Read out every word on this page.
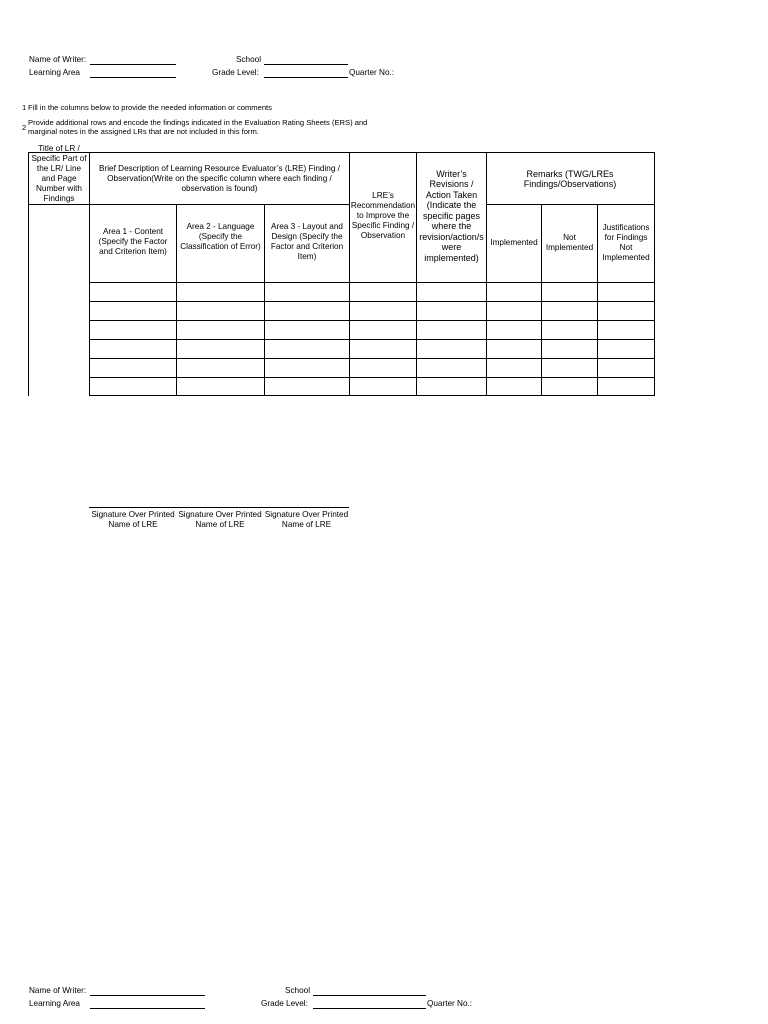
Name of Writer:
Learning Area
School
Grade Level:	Quarter No.:
1 Fill in the columns below to provide the needed information or comments
2
Provide additional rows and encode the findings indicated in the Evaluation Rating Sheets (ERS) and
marginal notes in the assigned LRs that are not included in this form.
Title of LR / Specific Part of the LR/ Line and Page Number with Findings
Brief Description of Learning Resource Evaluator’s (LRE) Finding / Observation(Write on the specific column where each finding / observation is found)
Area 1 - Content (Specify the Factor and Criterion Item)
Area 2 - Language (Specify the Classification of Error)
Area 3 - Layout and Design (Specify the Factor and Criterion Item)
LRE’s Recommendation to Improve the Specific Finding / Observation
Writer’s Revisions / Action Taken (Indicate the specific pages where the revision/action/s were implemented)
Remarks (TWG/LREs Findings/Observations)
Implemented
Not Implemented
Justifications for Findings Not Implemented
Signature Over Printed Name of LRE
Signature Over Printed Name of LRE
Signature Over Printed Name of LRE
Name of Writer:
Learning Area
School
Grade Level:	Quarter No.:
